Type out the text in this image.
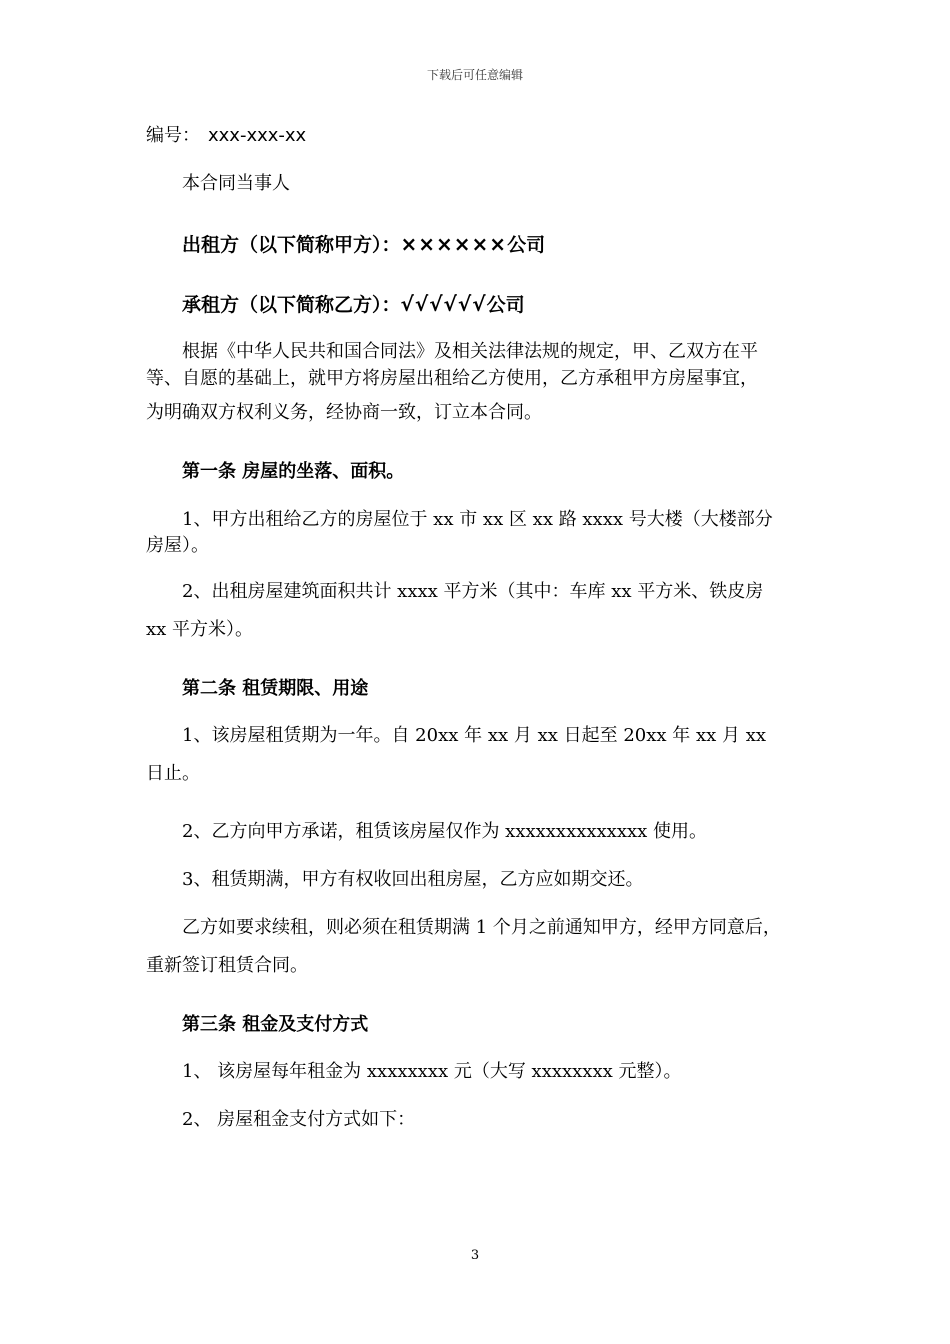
下载后可任意编辑
编号： xxx-xxx-xx
本合同当事人
出租方（以下简称甲方）：××××××公司
承租方（以下简称乙方）：√√√√√√公司
根据《中华人民共和国合同法》及相关法律法规的规定，甲、乙双方在平
等、自愿的基础上，就甲方将房屋出租给乙方使用，乙方承租甲方房屋事宜，
为明确双方权利义务，经协商一致，订立本合同。
第一条 房屋的坐落、面积。
1、甲方出租给乙方的房屋位于 xx 市 xx 区 xx 路 xxxx 号大楼（大楼部分
房屋）。
2、出租房屋建筑面积共计 xxxx 平方米（其中：车库 xx 平方米、铁皮房
xx 平方米）。
第二条 租赁期限、用途
1、该房屋租赁期为一年。自 20xx 年 xx 月 xx 日起至 20xx 年 xx 月 xx
日止。
2、乙方向甲方承诺，租赁该房屋仅作为 xxxxxxxxxxxxxx 使用。
3、租赁期满，甲方有权收回出租房屋，乙方应如期交还。
乙方如要求续租，则必须在租赁期满 1 个月之前通知甲方，经甲方同意后，
重新签订租赁合同。
第三条 租金及支付方式
1、 该房屋每年租金为 xxxxxxxx 元（大写 xxxxxxxx 元整）。
2、 房屋租金支付方式如下：
3
